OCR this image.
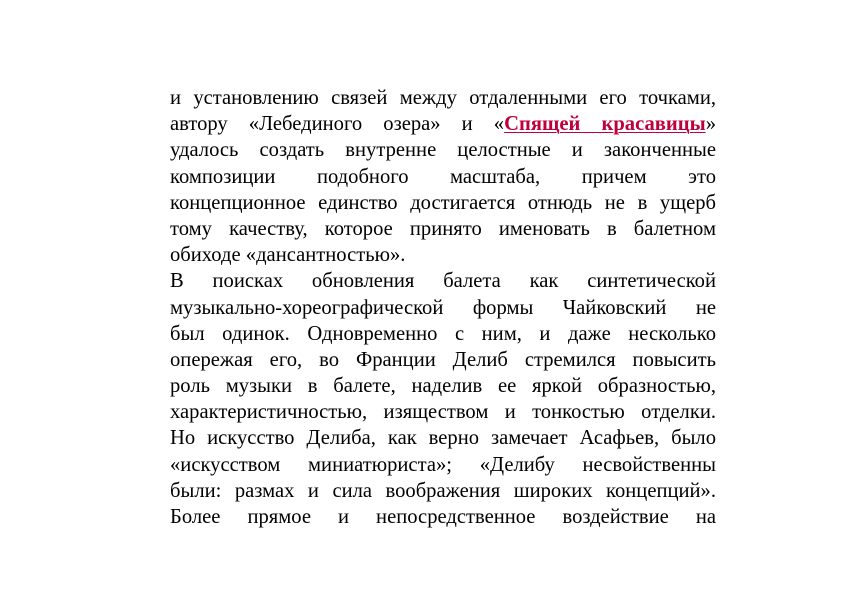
и установлению связей между отдаленными его точками,
автору «Лебединого озера» и «Спящей красавицы»
удалось создать внутренне целостные и законченные
композиции подобного масштаба, причем это
концепционное единство достигается отнюдь не в ущерб
тому качеству, которое принято именовать в балетном
обиходе «дансантностью».
В поисках обновления балета как синтетической
музыкально-хореографической формы Чайковский не
был одинок. Одновременно с ним, и даже несколько
опережая его, во Франции Делиб стремился повысить
роль музыки в балете, наделив ее яркой образностью,
характеристичностью, изяществом и тонкостью отделки.
Но искусство Делиба, как верно замечает Асафьев, было
«искусством миниатюриста»; «Делибу несвойственны
были: размах и сила воображения широких концепций».
Более прямое и непосредственное воздействие на
